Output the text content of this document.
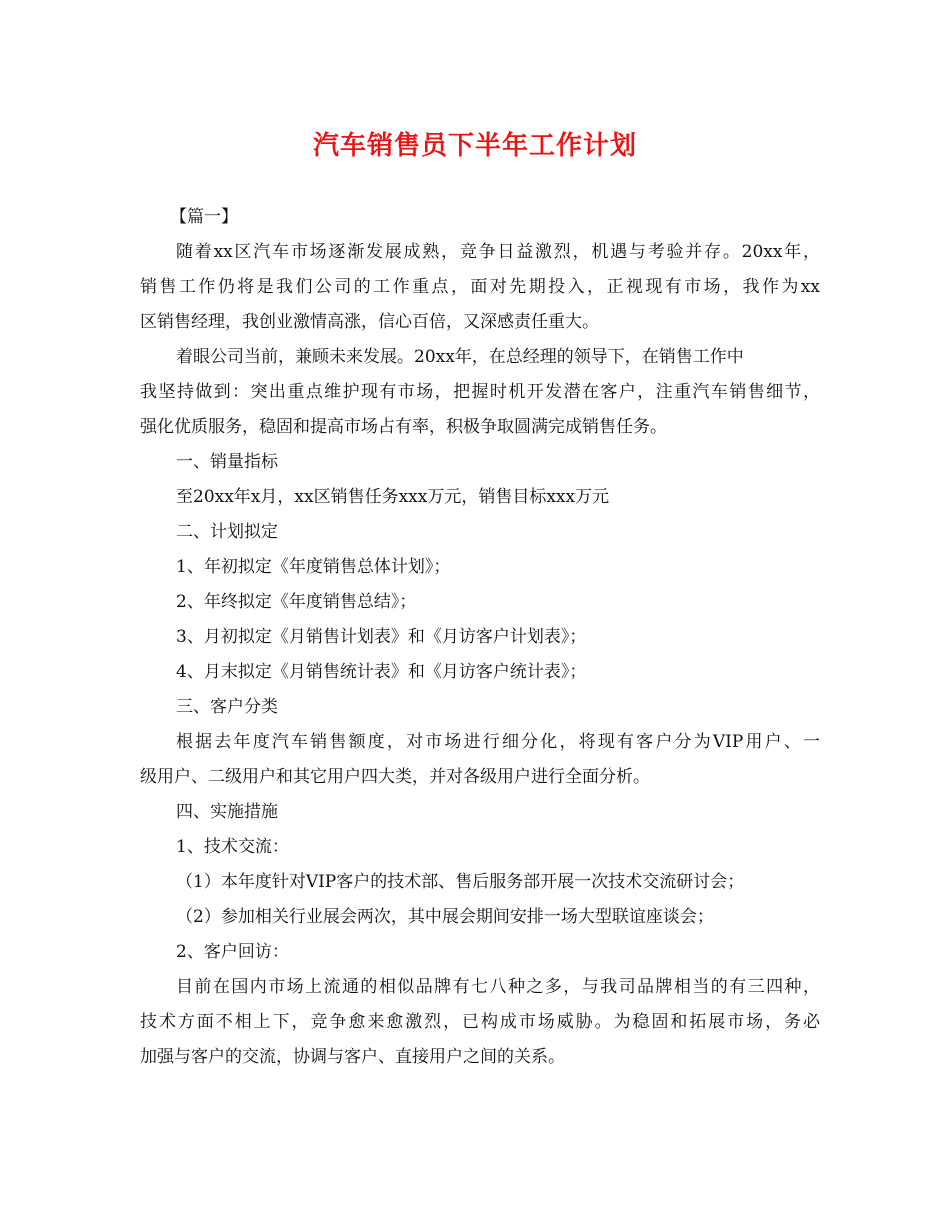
汽车销售员下半年工作计划
【篇一】
随着xx区汽车市场逐渐发展成熟，竞争日益激烈，机遇与考验并存。20xx年，
销售工作仍将是我们公司的工作重点，面对先期投入，正视现有市场，我作为xx
区销售经理，我创业激情高涨，信心百倍，又深感责任重大。
着眼公司当前，兼顾未来发展。20xx年，在总经理的领导下，在销售工作中
我坚持做到：突出重点维护现有市场，把握时机开发潜在客户，注重汽车销售细节，
强化优质服务，稳固和提高市场占有率，积极争取圆满完成销售任务。
一、销量指标
至20xx年x月，xx区销售任务xxx万元，销售目标xxx万元
二、计划拟定
1、年初拟定《年度销售总体计划》；
2、年终拟定《年度销售总结》；
3、月初拟定《月销售计划表》和《月访客户计划表》；
4、月末拟定《月销售统计表》和《月访客户统计表》；
三、客户分类
根据去年度汽车销售额度，对市场进行细分化，将现有客户分为VIP用户、一
级用户、二级用户和其它用户四大类，并对各级用户进行全面分析。
四、实施措施
1、技术交流：
（1）本年度针对VIP客户的技术部、售后服务部开展一次技术交流研讨会；
（2）参加相关行业展会两次，其中展会期间安排一场大型联谊座谈会；
2、客户回访：
目前在国内市场上流通的相似品牌有七八种之多，与我司品牌相当的有三四种，
技术方面不相上下，竞争愈来愈激烈，已构成市场威胁。为稳固和拓展市场，务必
加强与客户的交流，协调与客户、直接用户之间的关系。
